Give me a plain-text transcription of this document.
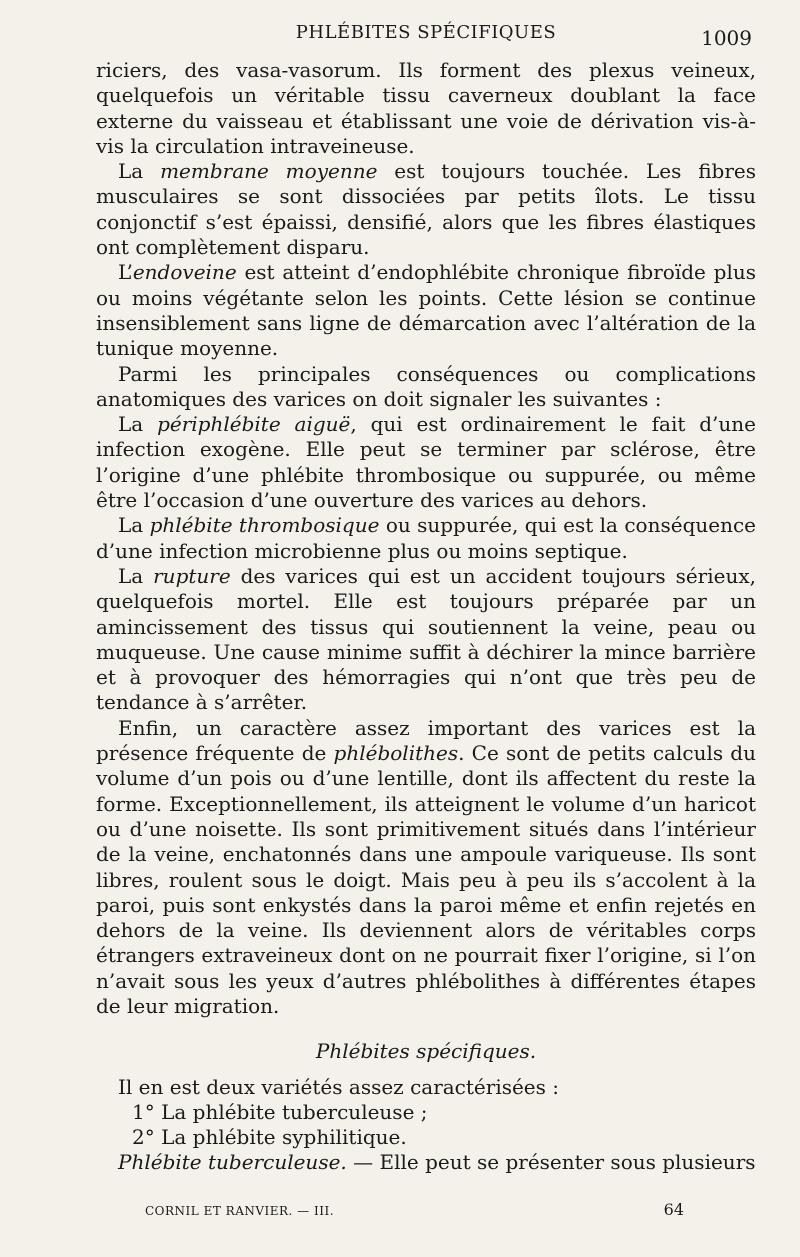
PHLÉBITES SPÉCIFIQUES	1009

riciers, des vasa-vasorum. Ils forment des plexus veineux, quelquefois un véritable tissu caverneux doublant la face externe du vaisseau et établissant une voie de dérivation vis-à-vis la circulation intraveineuse.

La membrane moyenne est toujours touchée. Les fibres musculaires se sont dissociées par petits îlots. Le tissu conjonctif s’est épaissi, densifié, alors que les fibres élastiques ont complètement disparu.

L’endoveine est atteint d’endophlébite chronique fibroïde plus ou moins végétante selon les points. Cette lésion se continue insensiblement sans ligne de démarcation avec l’altération de la tunique moyenne.

Parmi les principales conséquences ou complications anatomiques des varices on doit signaler les suivantes :

La périphlébite aiguë, qui est ordinairement le fait d’une infection exogène. Elle peut se terminer par sclérose, être l’origine d’une phlébite thrombosique ou suppurée, ou même être l’occasion d’une ouverture des varices au dehors.

La phlébite thrombosique ou suppurée, qui est la conséquence d’une infection microbienne plus ou moins septique.

La rupture des varices qui est un accident toujours sérieux, quelquefois mortel. Elle est toujours préparée par un amincissement des tissus qui soutiennent la veine, peau ou muqueuse. Une cause minime suffit à déchirer la mince barrière et à provoquer des hémorragies qui n’ont que très peu de tendance à s’arrêter.

Enfin, un caractère assez important des varices est la présence fréquente de phlébolithes. Ce sont de petits calculs du volume d’un pois ou d’une lentille, dont ils affectent du reste la forme. Exceptionnellement, ils atteignent le volume d’un haricot ou d’une noisette. Ils sont primitivement situés dans l’intérieur de la veine, enchatonnés dans une ampoule variqueuse. Ils sont libres, roulent sous le doigt. Mais peu à peu ils s’accolent à la paroi, puis sont enkystés dans la paroi même et enfin rejetés en dehors de la veine. Ils deviennent alors de véritables corps étrangers extraveineux dont on ne pourrait fixer l’origine, si l’on n’avait sous les yeux d’autres phlébolithes à différentes étapes de leur migration.

Phlébites spécifiques.

Il en est deux variétés assez caractérisées :

1° La phlébite tuberculeuse ;
2° La phlébite syphilitique.

Phlébite tuberculeuse. — Elle peut se présenter sous plusieurs

CORNIL ET RANVIER. — III.	64
